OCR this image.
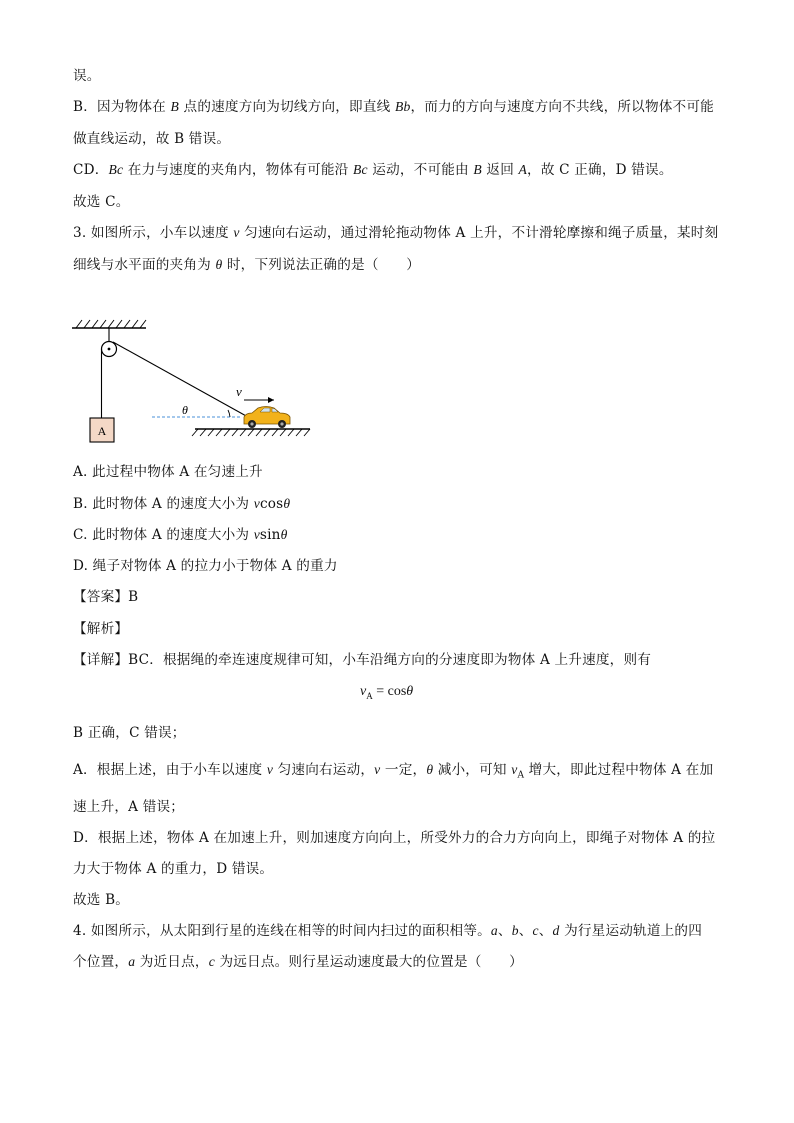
误。
B．因为物体在 B 点的速度方向为切线方向，即直线 Bb，而力的方向与速度方向不共线，所以物体不可能
做直线运动，故 B 错误。
CD．Bc 在力与速度的夹角内，物体有可能沿 Bc 运动，不可能由 B 返回 A，故 C 正确，D 错误。
故选 C。
3. 如图所示，小车以速度 v 匀速向右运动，通过滑轮拖动物体 A 上升，不计滑轮摩擦和绳子质量，某时刻
细线与水平面的夹角为 θ 时，下列说法正确的是（　　）
A
θ
v
A. 此过程中物体 A 在匀速上升
B. 此时物体 A 的速度大小为 vcosθ
C. 此时物体 A 的速度大小为 vsinθ
D. 绳子对物体 A 的拉力小于物体 A 的重力
【答案】B
【解析】
【详解】BC．根据绳的牵连速度规律可知，小车沿绳方向的分速度即为物体 A 上升速度，则有
$v_A = \cos\theta$
B 正确，C 错误；
A．根据上述，由于小车以速度 v 匀速向右运动，v 一定，θ 减小，可知 $v_A$ 增大，即此过程中物体 A 在加
速上升，A 错误；
D．根据上述，物体 A 在加速上升，则加速度方向向上，所受外力的合力方向向上，即绳子对物体 A 的拉
力大于物体 A 的重力，D 错误。
故选 B。
4. 如图所示，从太阳到行星的连线在相等的时间内扫过的面积相等。a、b、c、d 为行星运动轨道上的四
个位置，a 为近日点，c 为远日点。则行星运动速度最大的位置是（　　）
